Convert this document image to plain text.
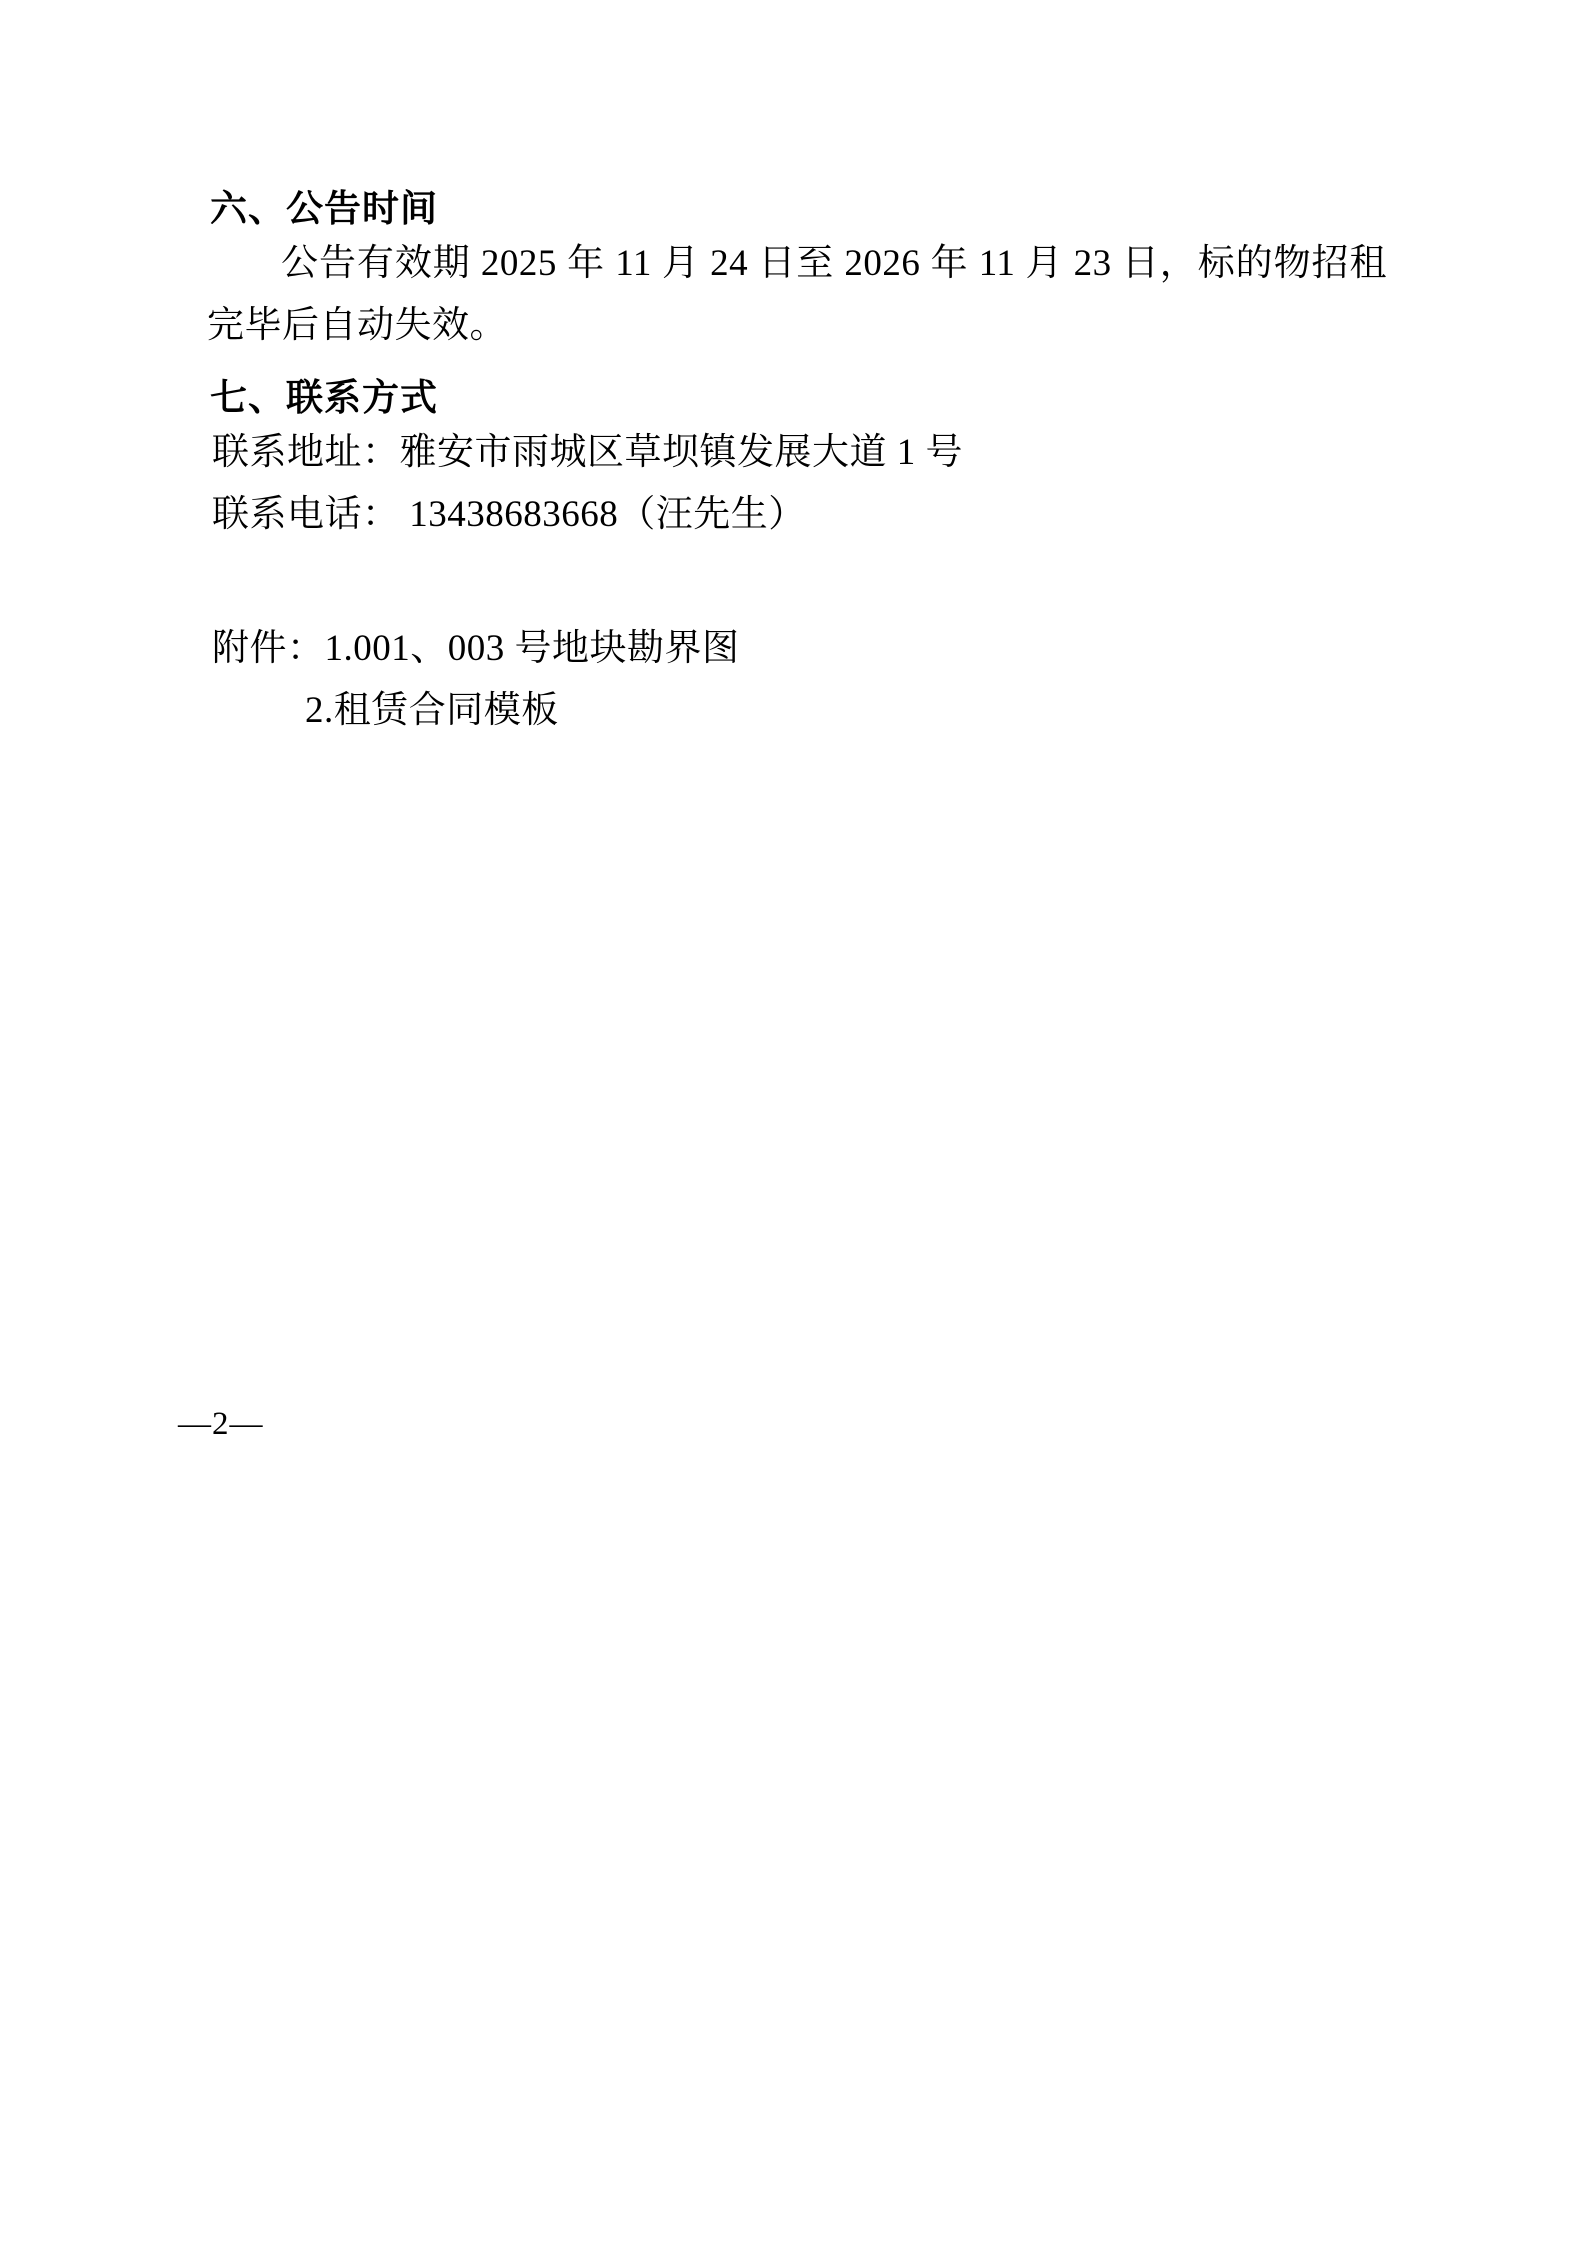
六、公告时间

公告有效期 2025 年 11 月 24 日至 2026 年 11 月 23 日，标的物招租完毕后自动失效。

七、联系方式
联系地址：雅安市雨城区草坝镇发展大道 1 号
联系电话： 13438683668（汪先生）
附件：1.001、003 号地块勘界图
2.租赁合同模板
—2—
